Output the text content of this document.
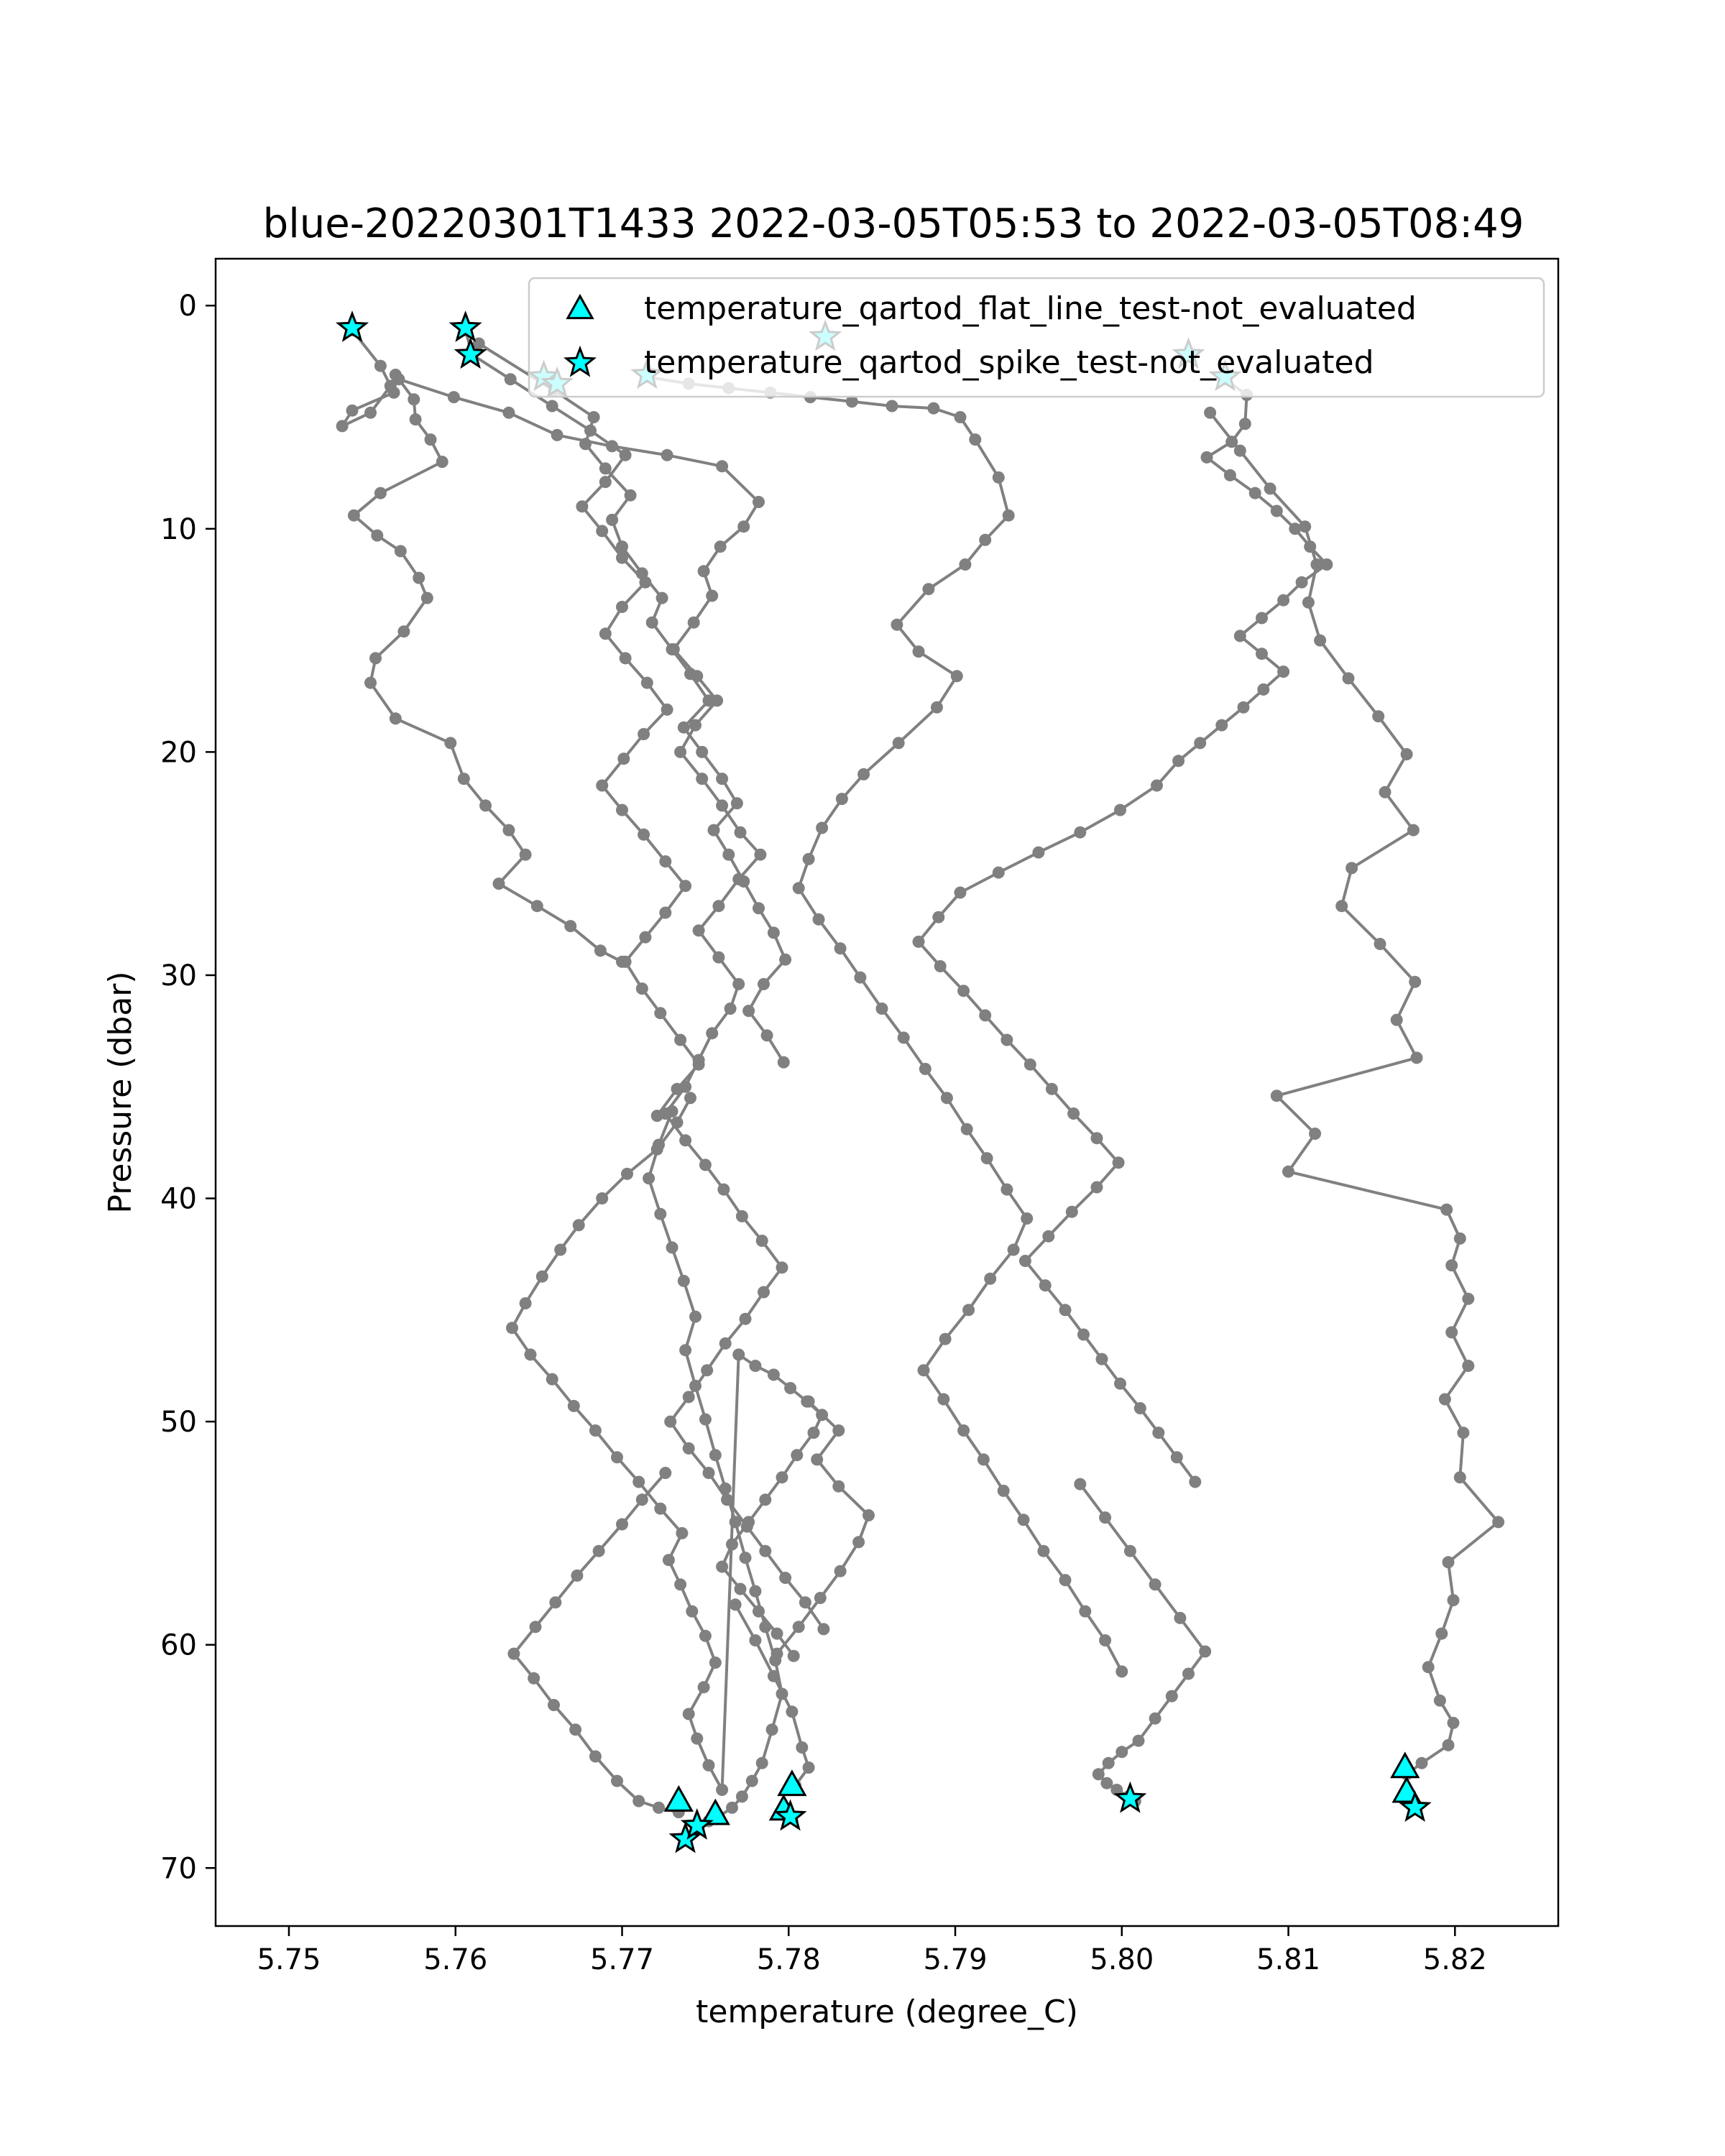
blue-20220301T1433 2022-03-05T05:53 to 2022-03-05T08:49
5.75	5.76	5.77	5.78	5.79	5.80	5.81	5.82
0
10
20
30
40
50
60
70
temperature (degree_C)
Pressure (dbar)
temperature_qartod_flat_line_test-not_evaluated
temperature_qartod_spike_test-not_evaluated
